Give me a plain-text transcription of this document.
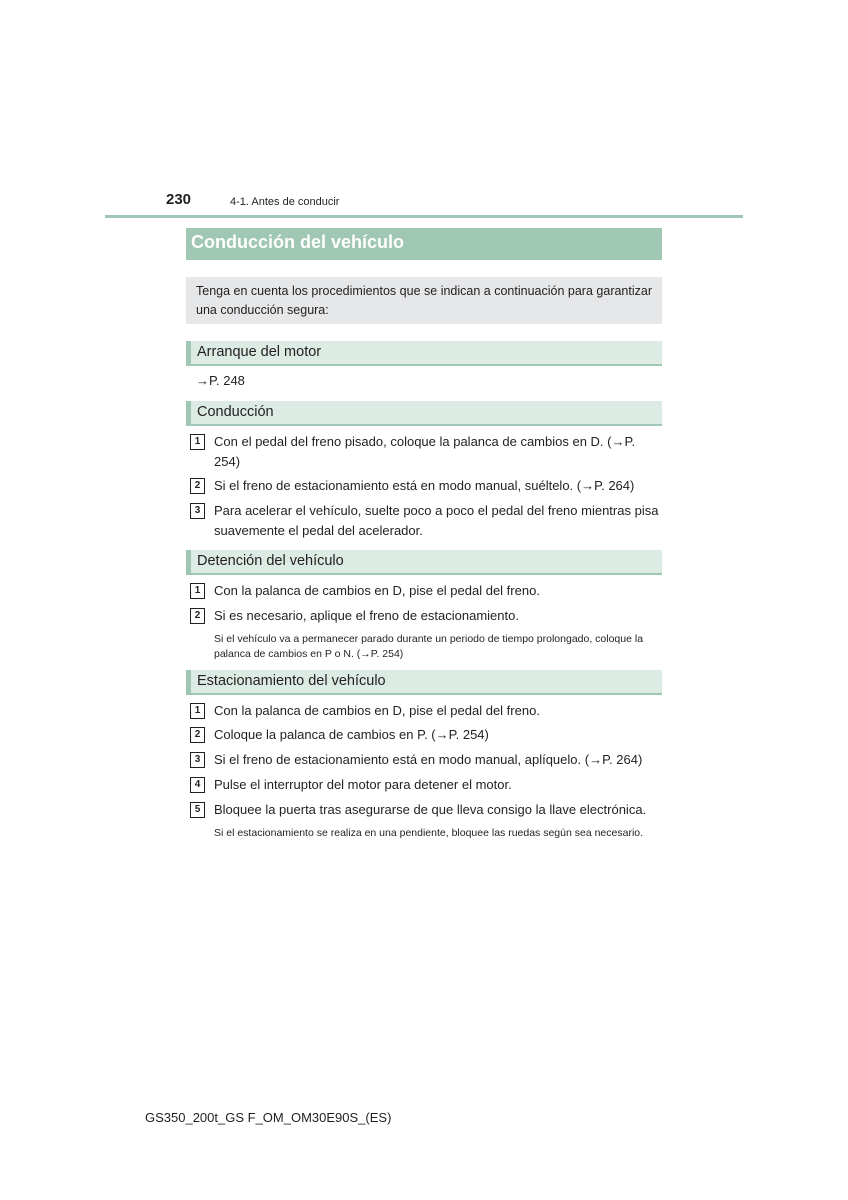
230	4-1. Antes de conducir
Conducción del vehículo
Tenga en cuenta los procedimientos que se indican a continuación para garantizar una conducción segura:
Arranque del motor
→P. 248
Conducción
1	Con el pedal del freno pisado, coloque la palanca de cambios en D. (→P. 254)
2	Si el freno de estacionamiento está en modo manual, suéltelo. (→P. 264)
3	Para acelerar el vehículo, suelte poco a poco el pedal del freno mientras pisa suavemente el pedal del acelerador.
Detención del vehículo
1	Con la palanca de cambios en D, pise el pedal del freno.
2	Si es necesario, aplique el freno de estacionamiento.
Si el vehículo va a permanecer parado durante un periodo de tiempo prolongado, coloque la palanca de cambios en P o N. (→P. 254)
Estacionamiento del vehículo
1	Con la palanca de cambios en D, pise el pedal del freno.
2	Coloque la palanca de cambios en P. (→P. 254)
3	Si el freno de estacionamiento está en modo manual, aplíquelo. (→P. 264)
4	Pulse el interruptor del motor para detener el motor.
5	Bloquee la puerta tras asegurarse de que lleva consigo la llave electrónica.
Si el estacionamiento se realiza en una pendiente, bloquee las ruedas según sea necesario.
GS350_200t_GS F_OM_OM30E90S_(ES)
